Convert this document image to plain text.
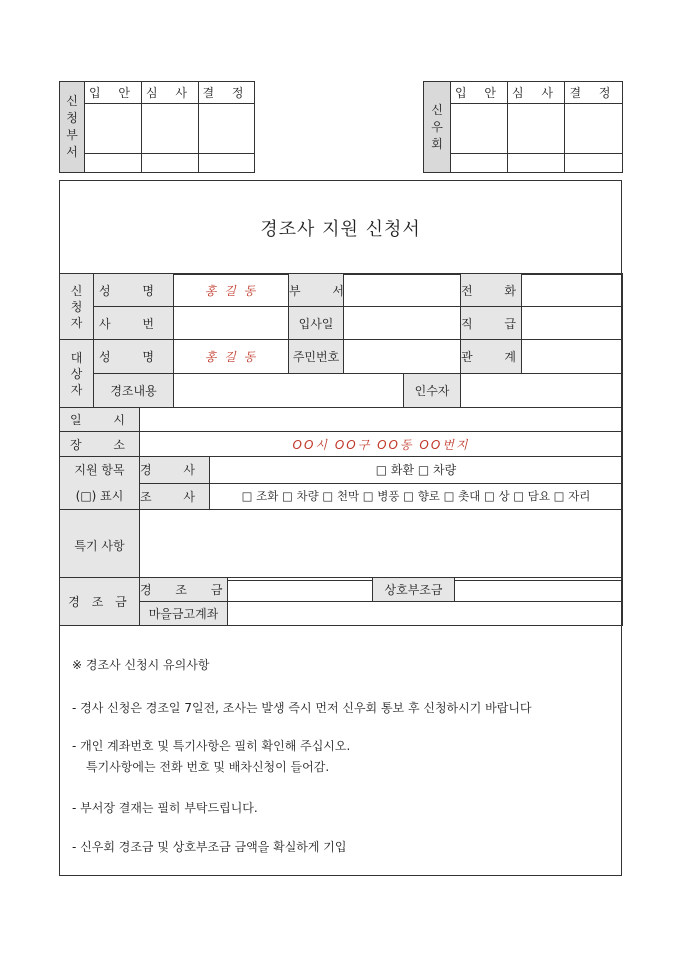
신
청
부
서	입 안	심 사	결 정

신
우
회	입 안	심 사	결 정

경조사 지원 신청서
신
청
자	성 명	홍 길 동	부 서			전 화	
	사 번		입사일			직 급	
대
상
자	성 명	홍 길 동	주민번호			관 계	
	경조내용				인수자		
일 시		
장 소	OO시 OO구 OO동 OO번지	
지원 항목
(□) 표시	경 사	□ 화환 □ 차량
	조 사	□ 조화 □ 차량 □ 천막 □ 병풍 □ 향로 □ 촛대 □ 상 □ 담요 □ 자리
특기 사항		
경 조 금	경 조 금		상호부조금	
	마을금고계좌			
※ 경조사 신청시 유의사항
- 경사 신청은 경조일 7일전, 조사는 발생 즉시 먼저 신우회 통보 후 신청하시기 바랍니다
- 개인 계좌번호 및 특기사항은 필히 확인해 주십시오.
특기사항에는 전화 번호 및 배차신청이 들어감.
- 부서장 결재는 필히 부탁드립니다.
- 신우회 경조금 및 상호부조금 금액을 확실하게 기입
